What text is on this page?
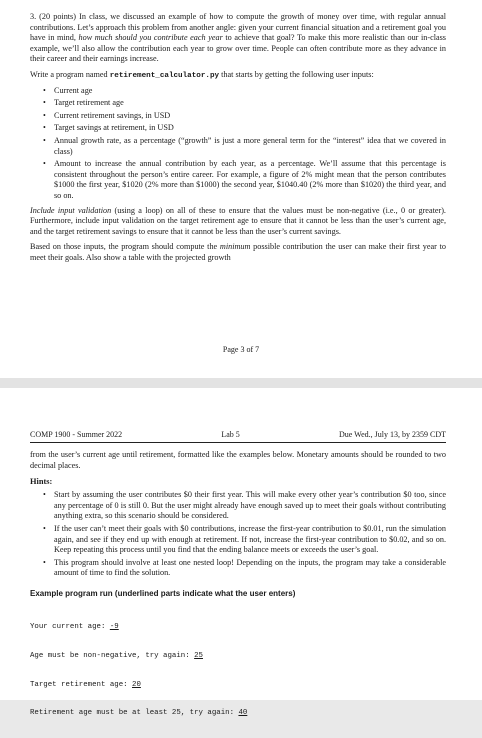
3. (20 points) In class, we discussed an example of how to compute the growth of money over time, with regular annual contributions. Let’s approach this problem from another angle: given your current financial situation and a retirement goal you have in mind, how much should you contribute each year to achieve that goal? To make this more realistic than our in-class example, we’ll also allow the contribution each year to grow over time. People can often contribute more as they advance in their career and their earnings increase.

Write a program named retirement_calculator.py that starts by getting the following user inputs:

• Current age
• Target retirement age
• Current retirement savings, in USD
• Target savings at retirement, in USD
• Annual growth rate, as a percentage (“growth” is just a more general term for the “interest” idea that we covered in class)
• Amount to increase the annual contribution by each year, as a percentage. We’ll assume that this percentage is consistent throughout the person’s entire career. For example, a figure of 2% might mean that the person contributes $1000 the first year, $1020 (2% more than $1000) the second year, $1040.40 (2% more than $1020) the third year, and so on.

Include input validation (using a loop) on all of these to ensure that the values must be non-negative (i.e., 0 or greater). Furthermore, include input validation on the target retirement age to ensure that it cannot be less than the user’s current age, and the target retirement savings to ensure that it cannot be less than the user’s current savings.

Based on those inputs, the program should compute the minimum possible contribution the user can make their first year to meet their goals. Also show a table with the projected growth

Page 3 of 7
COMP 1900 - Summer 2022	Lab 5	Due Wed., July 13, by 2359 CDT

from the user’s current age until retirement, formatted like the examples below. Monetary amounts should be rounded to two decimal places.

Hints:
• Start by assuming the user contributes $0 their first year. This will make every other year’s contribution $0 too, since any percentage of 0 is still 0. But the user might already have enough saved up to meet their goals without contributing anything extra, so this scenario should be considered.
• If the user can’t meet their goals with $0 contributions, increase the first-year contribution to $0.01, run the simulation again, and see if they end up with enough at retirement. If not, increase the first-year contribution to $0.02, and so on. Keep repeating this process until you find that the ending balance meets or exceeds the user’s goal.
• This program should involve at least one nested loop! Depending on the inputs, the program may take a considerable amount of time to find the solution.
Example program run (underlined parts indicate what the user enters)

Your current age: -9

Age must be non-negative, try again: 25

Target retirement age: 20

Retirement age must be at least 25, try again: 40
